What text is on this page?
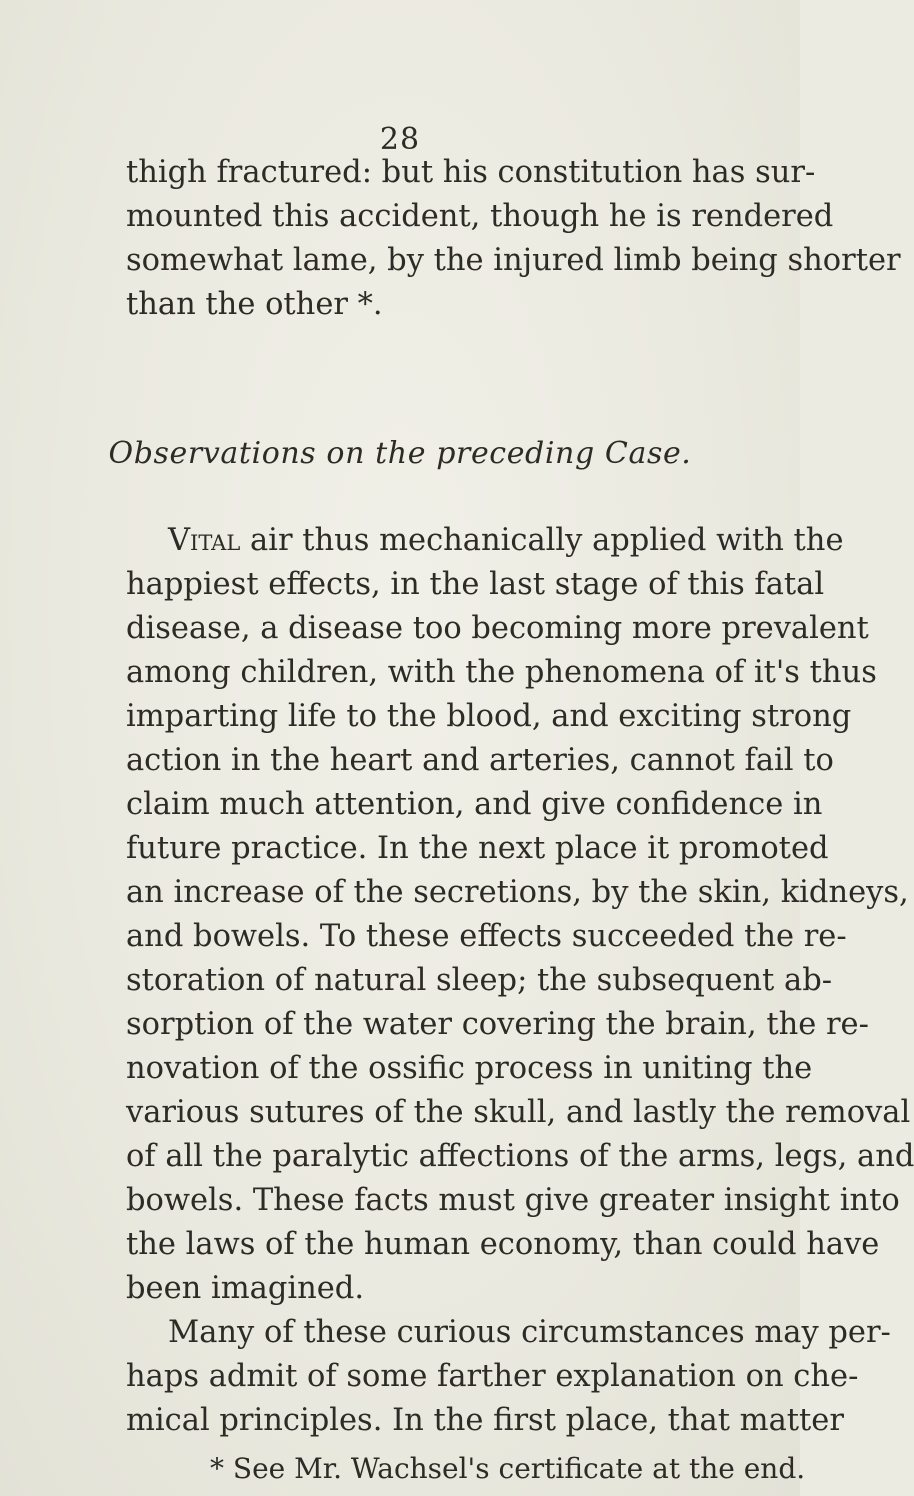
28
thigh fractured: but his constitution has sur-
mounted this accident, though he is rendered
somewhat lame, by the injured limb being shorter
than the other *.
Observations on the preceding Case.
Vital air thus mechanically applied with the
happiest effects, in the last stage of this fatal
disease, a disease too becoming more prevalent
among children, with the phenomena of it's thus
imparting life to the blood, and exciting strong
action in the heart and arteries, cannot fail to
claim much attention, and give confidence in
future practice. In the next place it promoted
an increase of the secretions, by the skin, kidneys,
and bowels. To these effects succeeded the re-
storation of natural sleep; the subsequent ab-
sorption of the water covering the brain, the re-
novation of the ossific process in uniting the
various sutures of the skull, and lastly the removal
of all the paralytic affections of the arms, legs, and
bowels. These facts must give greater insight into
the laws of the human economy, than could have
been imagined.
Many of these curious circumstances may per-
haps admit of some farther explanation on che-
mical principles. In the first place, that matter
* See Mr. Wachsel's certificate at the end.
